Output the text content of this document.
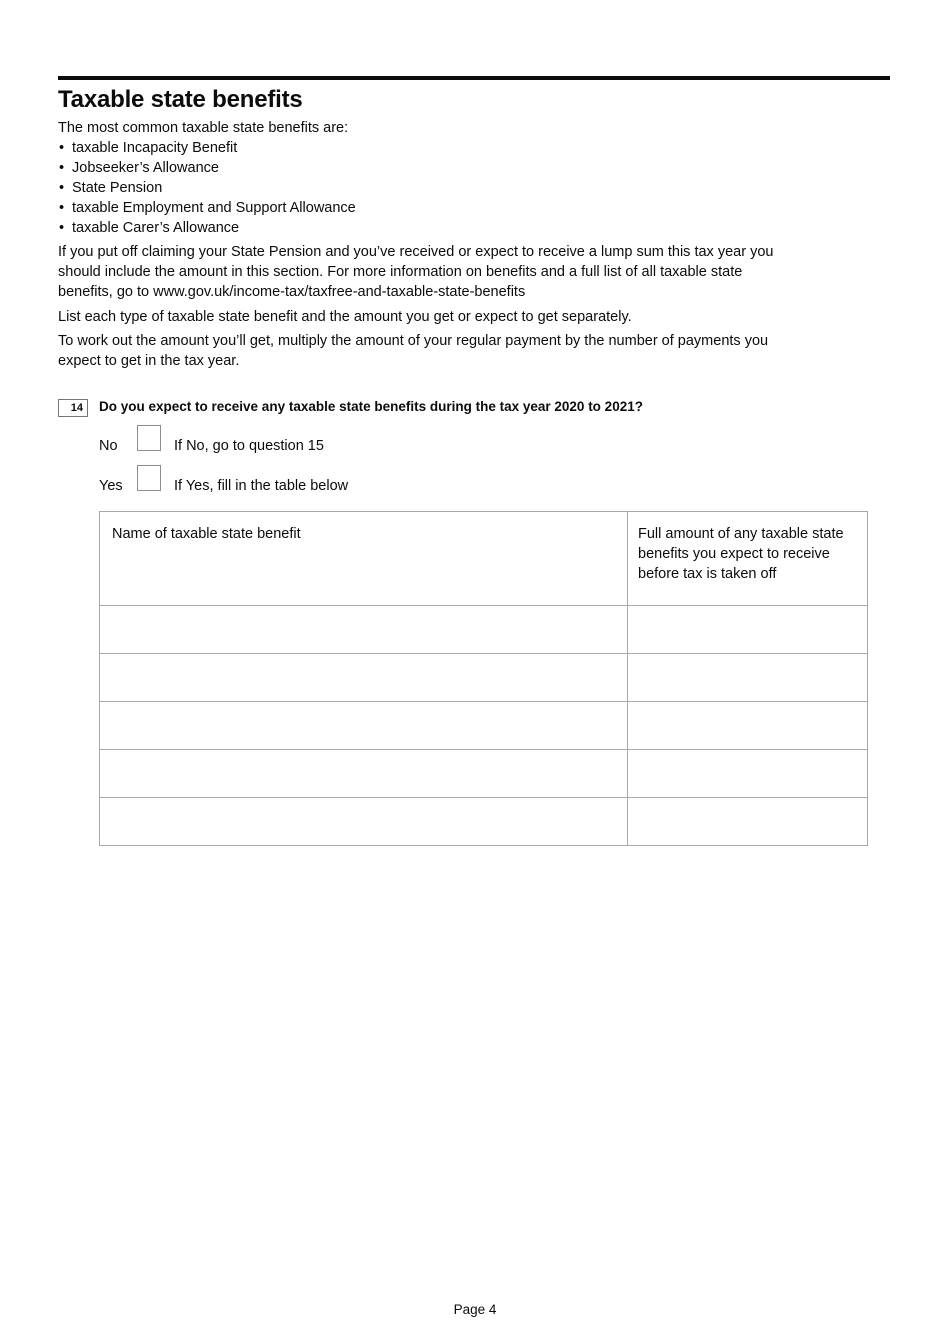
Taxable state benefits

The most common taxable state benefits are:

• taxable Incapacity Benefit
• Jobseeker’s Allowance
• State Pension
• taxable Employment and Support Allowance
• taxable Carer’s Allowance

If you put off claiming your State Pension and you’ve received or expect to receive a lump sum this tax year you should include the amount in this section. For more information on benefits and a full list of all taxable state benefits, go to www.gov.uk/income-tax/taxfree-and-taxable-state-benefits

List each type of taxable state benefit and the amount you get or expect to get separately.

To work out the amount you’ll get, multiply the amount of your regular payment by the number of payments you expect to get in the tax year.

14	Do you expect to receive any taxable state benefits during the tax year 2020 to 2021?

No	If No, go to question 15
Yes	If Yes, fill in the table below
Name of taxable state benefit	Full amount of any taxable state benefits you expect to receive before tax is taken off

Page 4
